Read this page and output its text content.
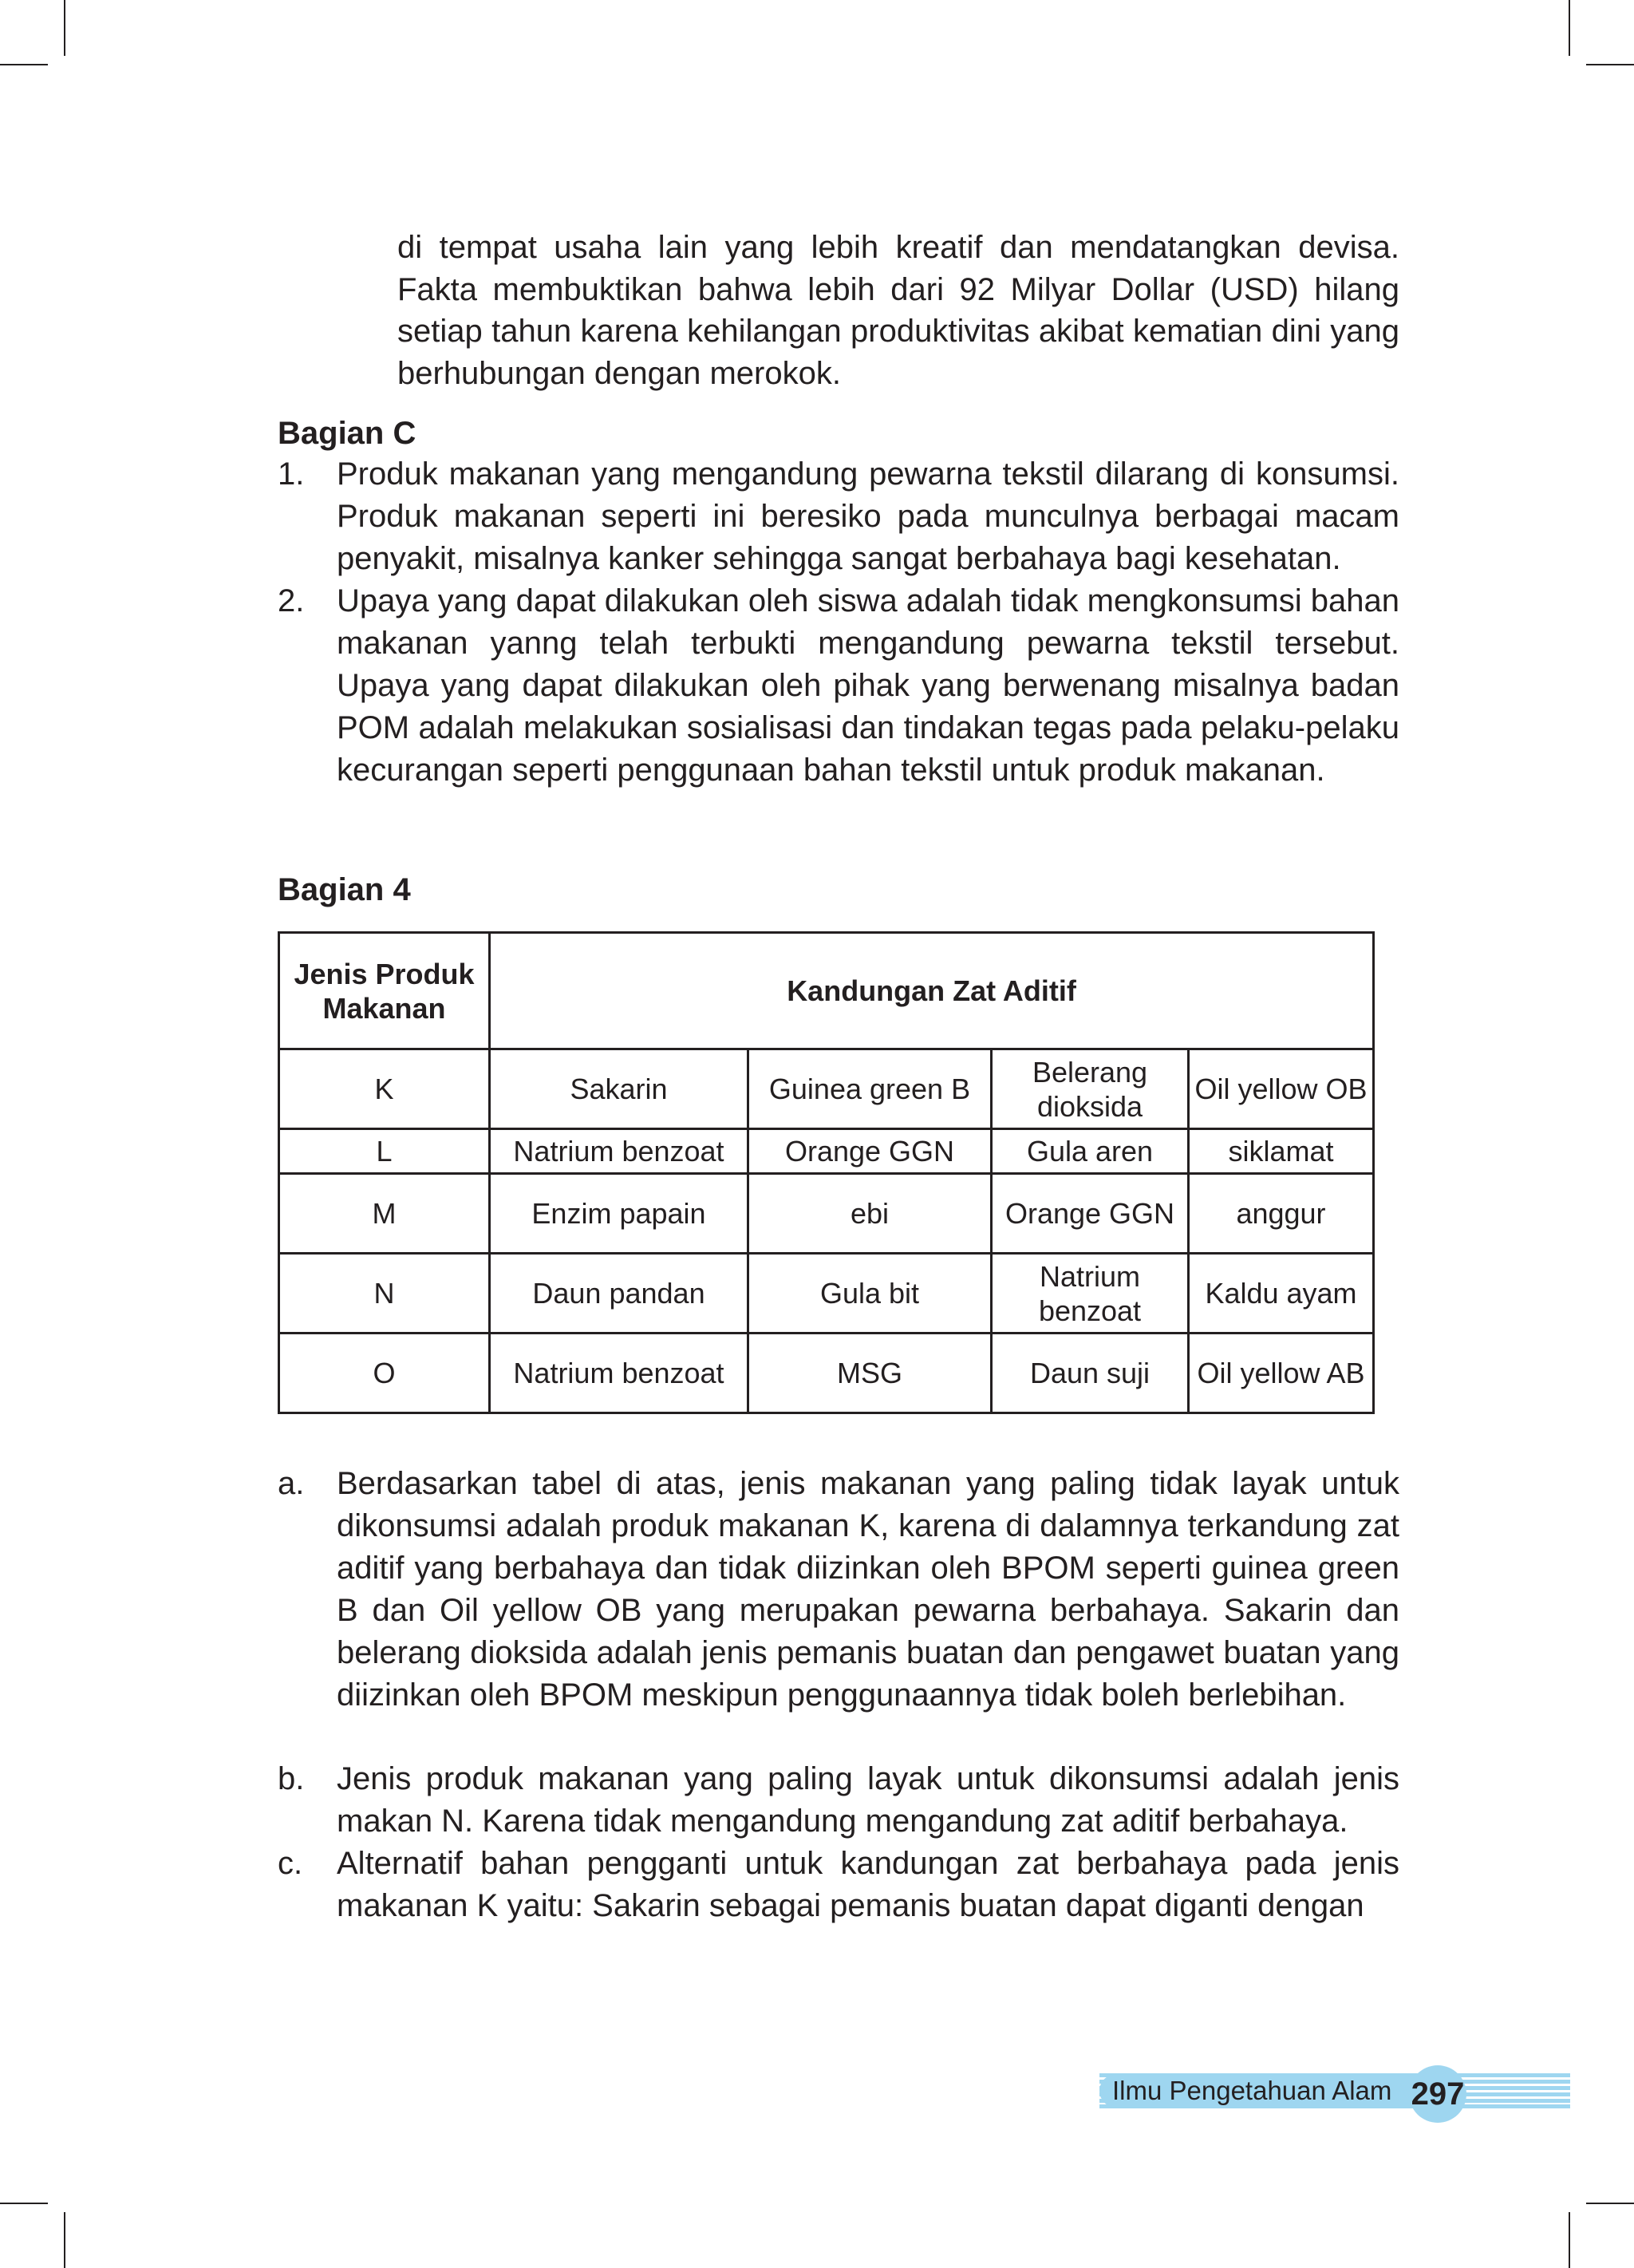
di tempat usaha lain yang lebih kreatif dan mendatangkan devisa. Fakta membuktikan bahwa lebih dari 92 Milyar Dollar (USD) hilang setiap tahun karena kehilangan produktivitas akibat kematian dini yang berhubungan dengan merokok.
Bagian C
1.	Produk makanan yang mengandung pewarna tekstil dilarang di konsumsi. Produk makanan seperti ini beresiko pada munculnya berbagai macam penyakit, misalnya kanker sehingga sangat berbahaya bagi kesehatan.
2.	Upaya yang dapat dilakukan oleh siswa adalah tidak mengkonsumsi bahan makanan yanng telah terbukti mengandung pewarna tekstil tersebut. Upaya yang dapat dilakukan oleh pihak yang berwenang misalnya badan POM adalah melakukan sosialisasi dan tindakan tegas pada pelaku-pelaku kecurangan seperti penggunaan bahan tekstil untuk produk makanan.
Bagian 4
Jenis Produk Makanan	Kandungan Zat Aditif			
K	Sakarin	Guinea green B	Belerang dioksida	Oil yellow OB
L	Natrium benzoat	Orange GGN	Gula aren	siklamat
M	Enzim papain	ebi	Orange GGN	anggur
N	Daun pandan	Gula bit	Natrium benzoat	Kaldu ayam
O	Natrium benzoat	MSG	Daun suji	Oil yellow AB
a.	Berdasarkan tabel di atas, jenis makanan yang paling tidak layak untuk dikonsumsi adalah produk makanan K, karena di dalamnya terkandung zat aditif yang berbahaya dan tidak diizinkan oleh BPOM seperti guinea green B dan Oil yellow OB yang merupakan pewarna berbahaya. Sakarin dan belerang dioksida adalah jenis pemanis buatan dan pengawet buatan yang diizinkan oleh BPOM meskipun penggunaannya tidak boleh berlebihan.
b.	Jenis produk makanan yang paling layak untuk dikonsumsi adalah jenis makan N. Karena tidak mengandung mengandung zat aditif berbahaya.
c.	Alternatif bahan pengganti untuk kandungan zat berbahaya pada jenis makanan K yaitu: Sakarin sebagai pemanis buatan dapat diganti dengan
Ilmu Pengetahuan Alam 297
